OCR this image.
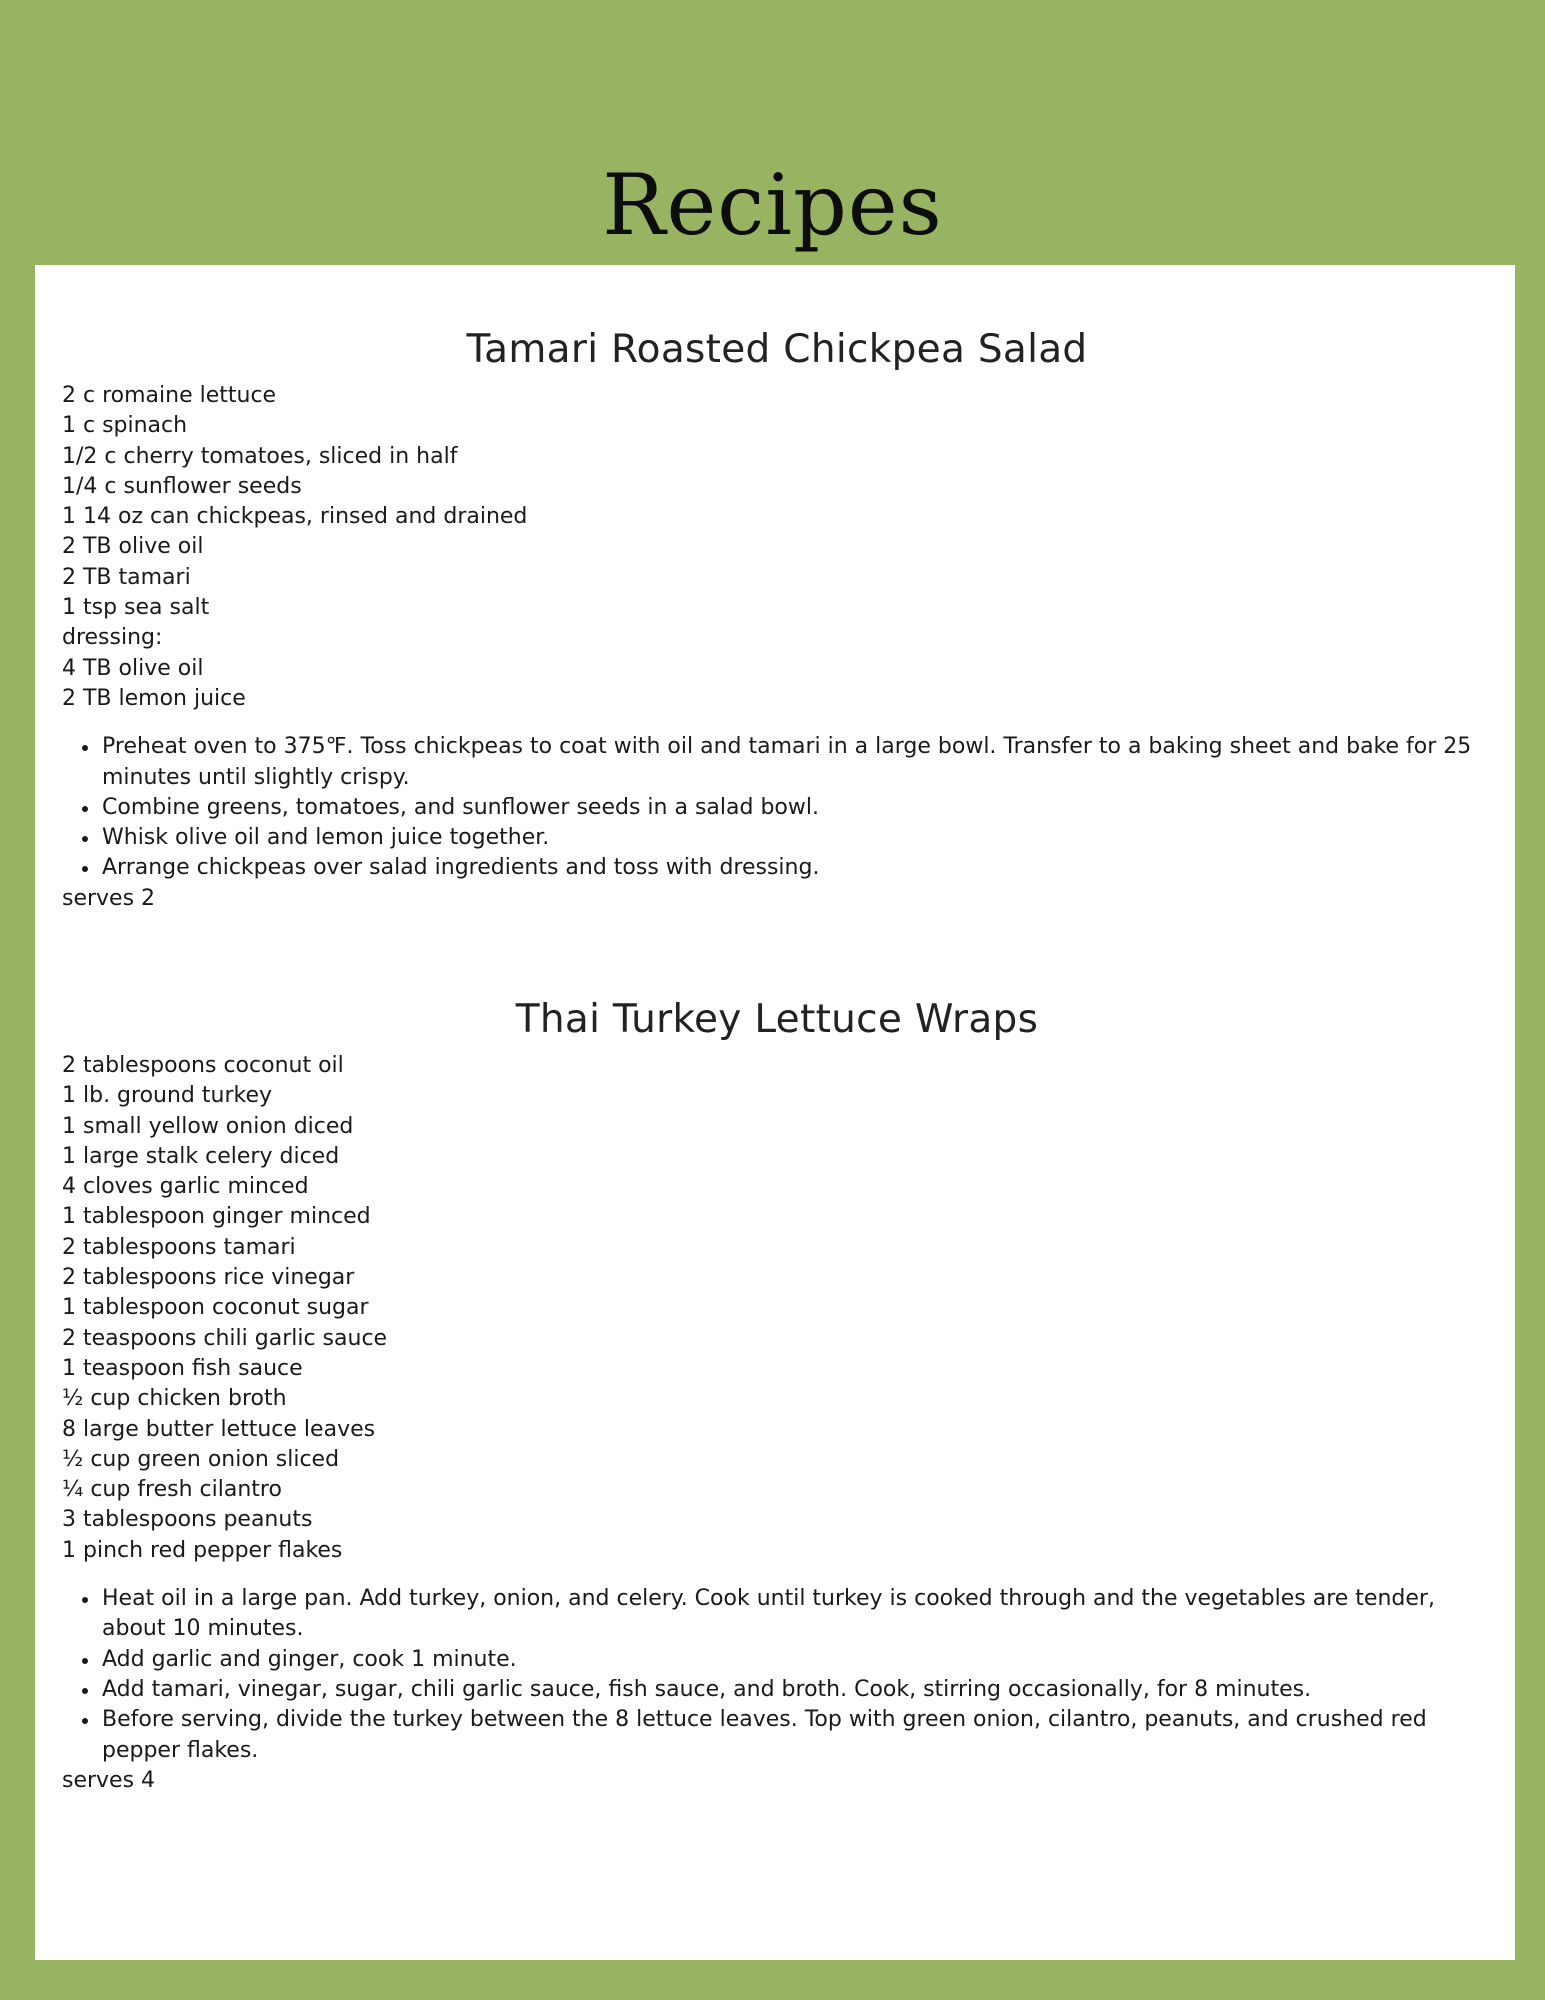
Recipes
Tamari Roasted Chickpea Salad
2 c romaine lettuce
1 c spinach
1/2 c cherry tomatoes, sliced in half
1/4 c sunflower seeds
1 14 oz can chickpeas, rinsed and drained
2 TB olive oil
2 TB tamari
1 tsp sea salt
dressing:
4 TB olive oil
2 TB lemon juice
• Preheat oven to 375℉. Toss chickpeas to coat with oil and tamari in a large bowl. Transfer to a baking sheet and bake for 25 minutes until slightly crispy.
• Combine greens, tomatoes, and sunflower seeds in a salad bowl.
• Whisk olive oil and lemon juice together.
• Arrange chickpeas over salad ingredients and toss with dressing.

serves 2

Thai Turkey Lettuce Wraps
2 tablespoons coconut oil
1 lb. ground turkey
1 small yellow onion diced
1 large stalk celery diced
4 cloves garlic minced
1 tablespoon ginger minced
2 tablespoons tamari
2 tablespoons rice vinegar
1 tablespoon coconut sugar
2 teaspoons chili garlic sauce
1 teaspoon fish sauce
½ cup chicken broth
8 large butter lettuce leaves
½ cup green onion sliced
¼ cup fresh cilantro
3 tablespoons peanuts
1 pinch red pepper flakes
• Heat oil in a large pan. Add turkey, onion, and celery. Cook until turkey is cooked through and the vegetables are tender, about 10 minutes.
• Add garlic and ginger, cook 1 minute.
• Add tamari, vinegar, sugar, chili garlic sauce, fish sauce, and broth. Cook, stirring occasionally, for 8 minutes.
• Before serving, divide the turkey between the 8 lettuce leaves. Top with green onion, cilantro, peanuts, and crushed red pepper flakes.

serves 4
